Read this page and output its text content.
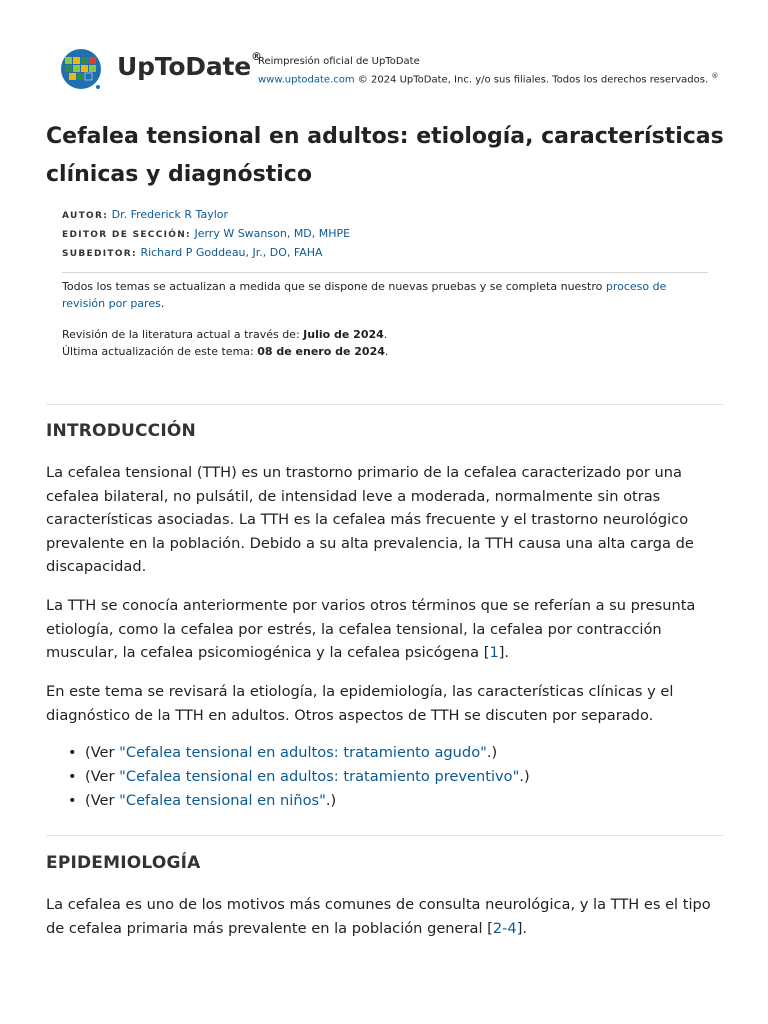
UpToDate®
Reimpresión oficial de UpToDate
www.uptodate.com © 2024 UpToDate, Inc. y/o sus filiales. Todos los derechos reservados. ®
Cefalea tensional en adultos: etiología, características clínicas y diagnóstico
AUTOR: Dr. Frederick R Taylor
EDITOR DE SECCIÓN: Jerry W Swanson, MD, MHPE
SUBEDITOR: Richard P Goddeau, Jr., DO, FAHA
Todos los temas se actualizan a medida que se dispone de nuevas pruebas y se completa nuestro proceso de revisión por pares.
Revisión de la literatura actual a través de: Julio de 2024.
Última actualización de este tema: 08 de enero de 2024.
INTRODUCCIÓN

La cefalea tensional (TTH) es un trastorno primario de la cefalea caracterizado por una cefalea bilateral, no pulsátil, de intensidad leve a moderada, normalmente sin otras características asociadas. La TTH es la cefalea más frecuente y el trastorno neurológico prevalente en la población. Debido a su alta prevalencia, la TTH causa una alta carga de discapacidad.

La TTH se conocía anteriormente por varios otros términos que se referían a su presunta etiología, como la cefalea por estrés, la cefalea tensional, la cefalea por contracción muscular, la cefalea psicomiogénica y la cefalea psicógena [1].

En este tema se revisará la etiología, la epidemiología, las características clínicas y el diagnóstico de la TTH en adultos. Otros aspectos de TTH se discuten por separado.

• (Ver "Cefalea tensional en adultos: tratamiento agudo".)
• (Ver "Cefalea tensional en adultos: tratamiento preventivo".)
• (Ver "Cefalea tensional en niños".)
EPIDEMIOLOGÍA

La cefalea es uno de los motivos más comunes de consulta neurológica, y la TTH es el tipo de cefalea primaria más prevalente en la población general [2-4].
